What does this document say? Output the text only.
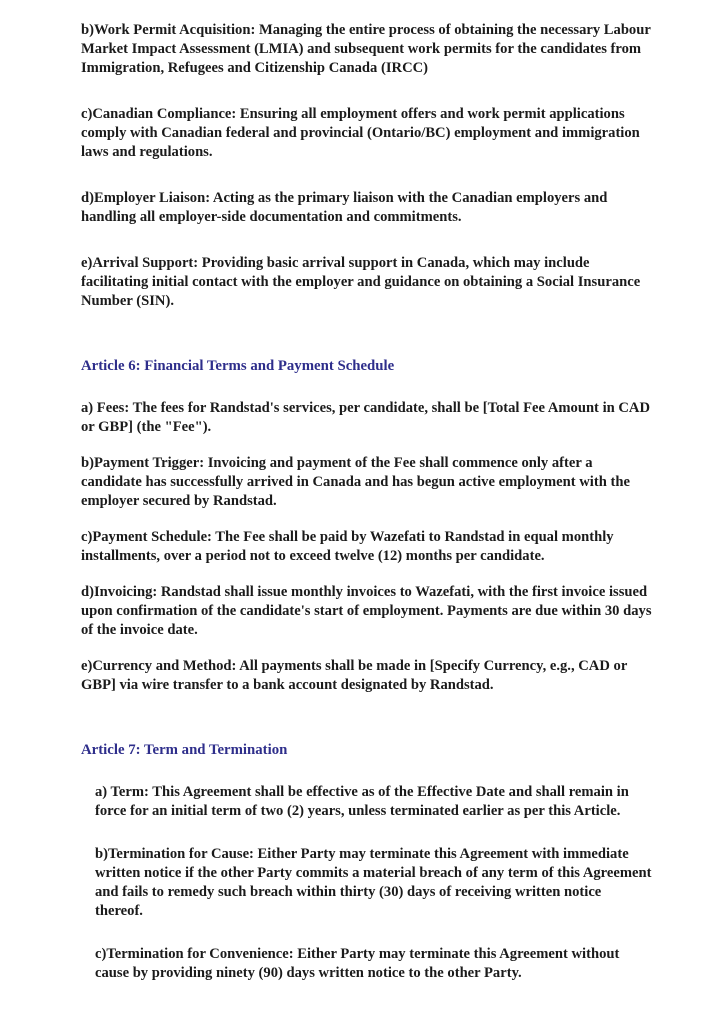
b)Work Permit Acquisition: Managing the entire process of obtaining the necessary Labour Market Impact Assessment (LMIA) and subsequent work permits for the candidates from Immigration, Refugees and Citizenship Canada (IRCC)

c)Canadian Compliance: Ensuring all employment offers and work permit applications comply with Canadian federal and provincial (Ontario/BC) employment and immigration laws and regulations.

d)Employer Liaison: Acting as the primary liaison with the Canadian employers and handling all employer-side documentation and commitments.

e)Arrival Support: Providing basic arrival support in Canada, which may include facilitating initial contact with the employer and guidance on obtaining a Social Insurance Number (SIN).

Article 6: Financial Terms and Payment Schedule

a) Fees: The fees for Randstad's services, per candidate, shall be [Total Fee Amount in CAD or GBP] (the "Fee").

b)Payment Trigger: Invoicing and payment of the Fee shall commence only after a candidate has successfully arrived in Canada and has begun active employment with the employer secured by Randstad.

c)Payment Schedule: The Fee shall be paid by Wazefati to Randstad in equal monthly installments, over a period not to exceed twelve (12) months per candidate.

d)Invoicing: Randstad shall issue monthly invoices to Wazefati, with the first invoice issued upon confirmation of the candidate's start of employment. Payments are due within 30 days of the invoice date.

e)Currency and Method: All payments shall be made in [Specify Currency, e.g., CAD or GBP] via wire transfer to a bank account designated by Randstad.

Article 7: Term and Termination

a) Term: This Agreement shall be effective as of the Effective Date and shall remain in force for an initial term of two (2) years, unless terminated earlier as per this Article.

b)Termination for Cause: Either Party may terminate this Agreement with immediate written notice if the other Party commits a material breach of any term of this Agreement and fails to remedy such breach within thirty (30) days of receiving written notice thereof.

c)Termination for Convenience: Either Party may terminate this Agreement without cause by providing ninety (90) days written notice to the other Party.
